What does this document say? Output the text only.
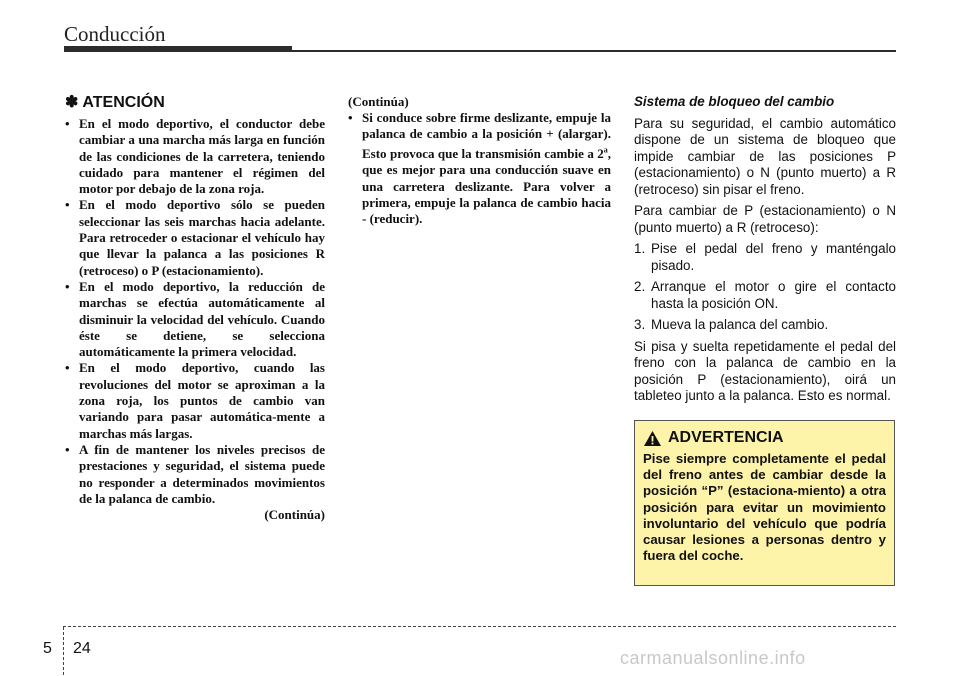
Conducción
✽ ATENCIÓN
• En el modo deportivo, el conductor debe cambiar a una marcha más larga en función de las condiciones de la carretera, teniendo cuidado para mantener el régimen del motor por debajo de la zona roja.
• En el modo deportivo sólo se pueden seleccionar las seis marchas hacia adelante. Para retroceder o estacionar el vehículo hay que llevar la palanca a las posiciones R (retroceso) o P (estacionamiento).
• En el modo deportivo, la reducción de marchas se efectúa automáticamente al disminuir la velocidad del vehículo. Cuando éste se detiene, se selecciona automáticamente la primera velocidad.
• En el modo deportivo, cuando las revoluciones del motor se aproximan a la zona roja, los puntos de cambio van variando para pasar automática-mente a marchas más largas.
• A fin de mantener los niveles precisos de prestaciones y seguridad, el sistema puede no responder a determinados movimientos de la palanca de cambio.
(Continúa)
(Continúa)
• Si conduce sobre firme deslizante, empuje la palanca de cambio a la posición + (alargar). Esto provoca que la transmisión cambie a 2$^a$, que es mejor para una conducción suave en una carretera deslizante. Para volver a primera, empuje la palanca de cambio hacia - (reducir).
Sistema de bloqueo del cambio

Para su seguridad, el cambio automático dispone de un sistema de bloqueo que impide cambiar de las posiciones P (estacionamiento) o N (punto muerto) a R (retroceso) sin pisar el freno.

Para cambiar de P (estacionamiento) o N (punto muerto) a R (retroceso):

1. Pise el pedal del freno y manténgalo pisado.
2. Arranque el motor o gire el contacto hasta la posición ON.
3. Mueva la palanca del cambio.

Si pisa y suelta repetidamente el pedal del freno con la palanca de cambio en la posición P (estacionamiento), oirá un tableteo junto a la palanca. Esto es normal.

ADVERTENCIA
Pise siempre completamente el pedal del freno antes de cambiar desde la posición “P” (estaciona-miento) a otra posición para evitar un movimiento involuntario del vehículo que podría causar lesiones a personas dentro y fuera del coche.
5 24	carmanualsonline.info
